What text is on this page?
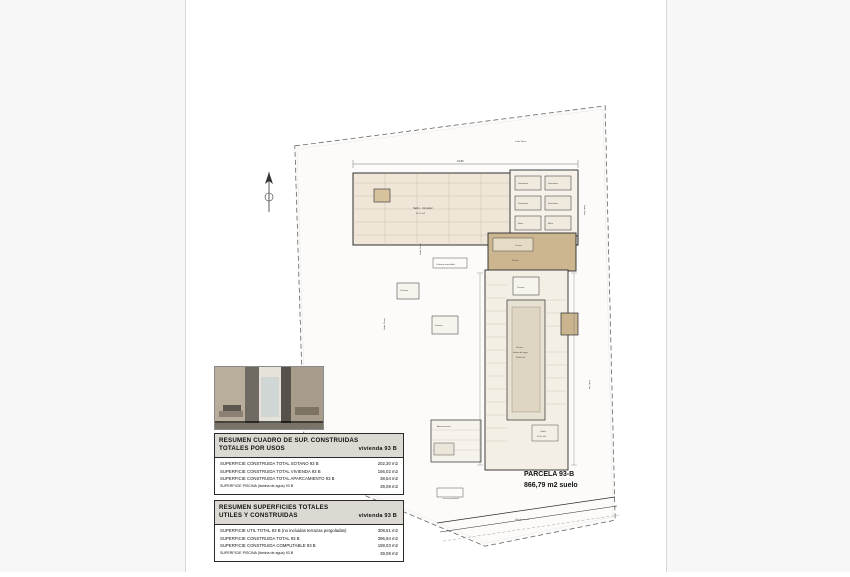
Salón - Comedor
41,20 m2
Dormitorio	Dormitorio
Dormitorio	Dormitorio
Baño	Baño
19.80
Cocina
Porche
Piscina
lámina de agua
39,08 m2
Terraza
Jardín
43,10 m2
Aparcamiento
acceso peatonal
Trastero
Instalac.
Cubierta transitable
Vial de acceso
Linde Norte
Linde Este
Linde Sur
Linde Oeste
Linde Oeste
RESUMEN CUADRO DE SUP. CONSTRUIDAS
TOTALES POR USOS	vivienda 93 B
SUPERFICIE CONSTRUIDA TOTAL SOTANO 93 B	202,30 m2
SUPERFICIE CONSTRUIDA TOTAL VIVIENDA 93 B	156,02 m2
SUPERFICIE CONSTRUIDA TOTAL APARCAMIENTO 93 B	38,54 m2
SUPERFICIE PISCINA (lámina de agua) 93 B	39,08 m2
RESUMEN SUPERFICIES TOTALES
UTILES Y CONSTRUIDAS	vivienda 93 B
SUPERFICIE UTIL TOTAL 93 B (no incluidas terrazas pergoladas)	308,51 m2
SUPERFICIE CONSTRUIDA TOTAL 93 B	396,94 m2
SUPERFICIE CONSTRUIDA COMPUTABLE 93 B	159,03 m2
SUPERFICIE PISCINA (lámina de agua) 93 B	39,08 m2
PARCELA 93-B
866,79 m2 suelo
